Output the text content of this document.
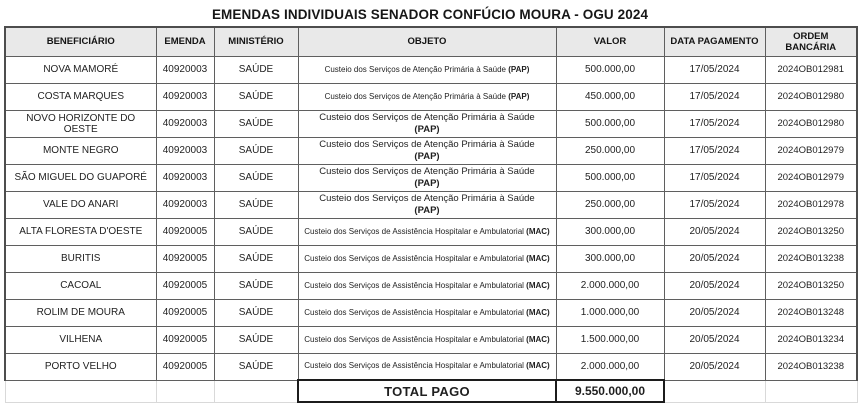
EMENDAS INDIVIDUAIS SENADOR CONFÚCIO MOURA - OGU 2024
BENEFICIÁRIO	EMENDA	MINISTÉRIO	OBJETO	VALOR	DATA PAGAMENTO	ORDEM BANCÁRIA
NOVA MAMORÉ	40920003	SAÚDE	Custeio dos Serviços de Atenção Primária à Saúde (PAP)	500.000,00	17/05/2024	2024OB012981
COSTA MARQUES	40920003	SAÚDE	Custeio dos Serviços de Atenção Primária à Saúde (PAP)	450.000,00	17/05/2024	2024OB012980
NOVO HORIZONTE DO OESTE	40920003	SAÚDE	Custeio dos Serviços de Atenção Primária à Saúde
(PAP)	500.000,00	17/05/2024	2024OB012980
MONTE NEGRO	40920003	SAÚDE	Custeio dos Serviços de Atenção Primária à Saúde
(PAP)	250.000,00	17/05/2024	2024OB012979
SÃO MIGUEL DO GUAPORÉ	40920003	SAÚDE	Custeio dos Serviços de Atenção Primária à Saúde
(PAP)	500.000,00	17/05/2024	2024OB012979
VALE DO ANARI	40920003	SAÚDE	Custeio dos Serviços de Atenção Primária à Saúde
(PAP)	250.000,00	17/05/2024	2024OB012978
ALTA FLORESTA D'OESTE	40920005	SAÚDE	Custeio dos Serviços de Assistência Hospitalar e Ambulatorial (MAC)	300.000,00	20/05/2024	2024OB013250
BURITIS	40920005	SAÚDE	Custeio dos Serviços de Assistência Hospitalar e Ambulatorial (MAC)	300.000,00	20/05/2024	2024OB013238
CACOAL	40920005	SAÚDE	Custeio dos Serviços de Assistência Hospitalar e Ambulatorial (MAC)	2.000.000,00	20/05/2024	2024OB013250
ROLIM DE MOURA	40920005	SAÚDE	Custeio dos Serviços de Assistência Hospitalar e Ambulatorial (MAC)	1.000.000,00	20/05/2024	2024OB013248
VILHENA	40920005	SAÚDE	Custeio dos Serviços de Assistência Hospitalar e Ambulatorial (MAC)	1.500.000,00	20/05/2024	2024OB013234
PORTO VELHO	40920005	SAÚDE	Custeio dos Serviços de Assistência Hospitalar e Ambulatorial (MAC)	2.000.000,00	20/05/2024	2024OB013238
			TOTAL PAGO	9.550.000,00		
